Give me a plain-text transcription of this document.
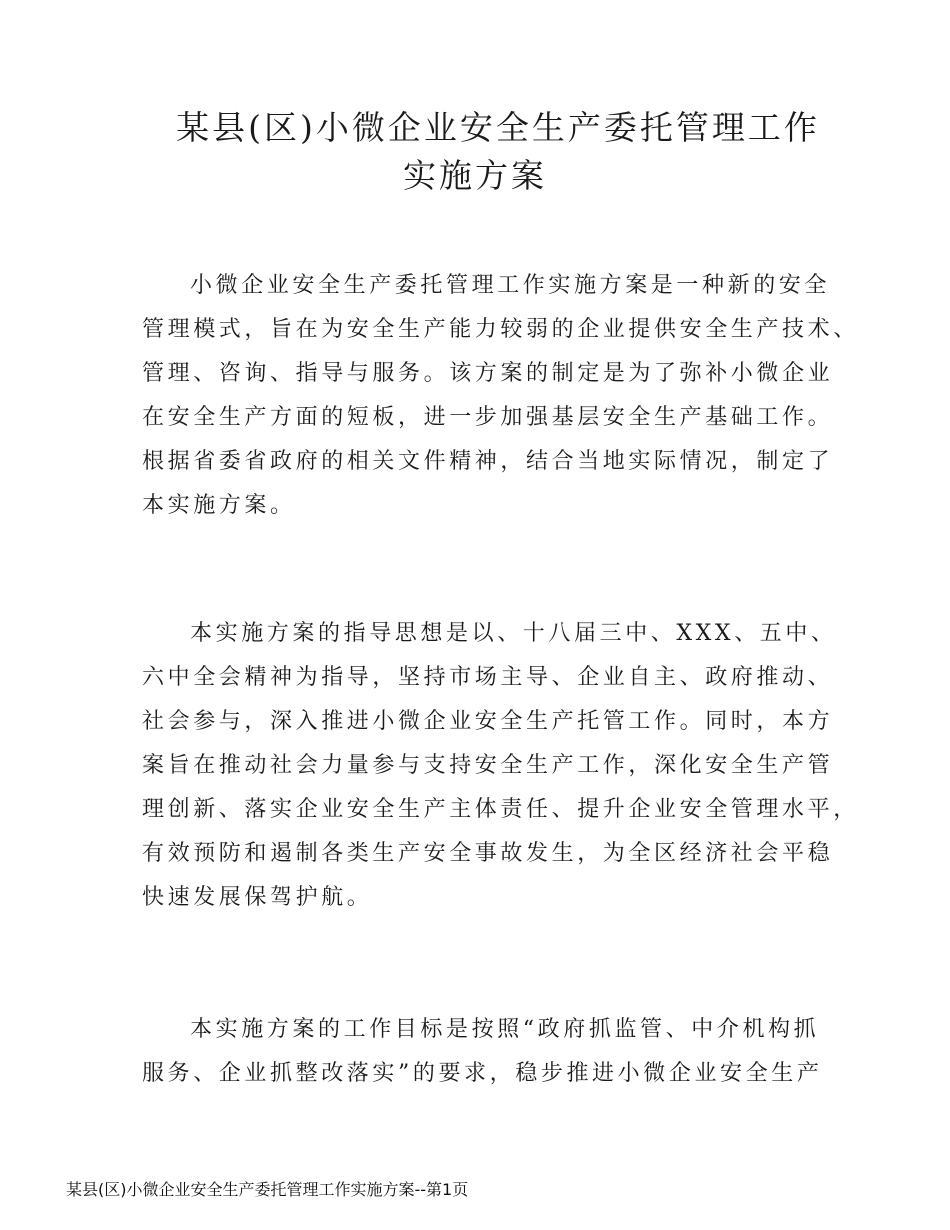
某县(区)小微企业安全生产委托管理工作
实施方案
小微企业安全生产委托管理工作实施方案是一种新的安全
管理模式，旨在为安全生产能力较弱的企业提供安全生产技术、
管理、咨询、指导与服务。该方案的制定是为了弥补小微企业
在安全生产方面的短板，进一步加强基层安全生产基础工作。
根据省委省政府的相关文件精神，结合当地实际情况，制定了
本实施方案。
本实施方案的指导思想是以、十八届三中、XXX、五中、
六中全会精神为指导，坚持市场主导、企业自主、政府推动、
社会参与，深入推进小微企业安全生产托管工作。同时，本方
案旨在推动社会力量参与支持安全生产工作，深化安全生产管
理创新、落实企业安全生产主体责任、提升企业安全管理水平，
有效预防和遏制各类生产安全事故发生，为全区经济社会平稳
快速发展保驾护航。
本实施方案的工作目标是按照“政府抓监管、中介机构抓
服务、企业抓整改落实”的要求，稳步推进小微企业安全生产
某县(区)小微企业安全生产委托管理工作实施方案--第1页
